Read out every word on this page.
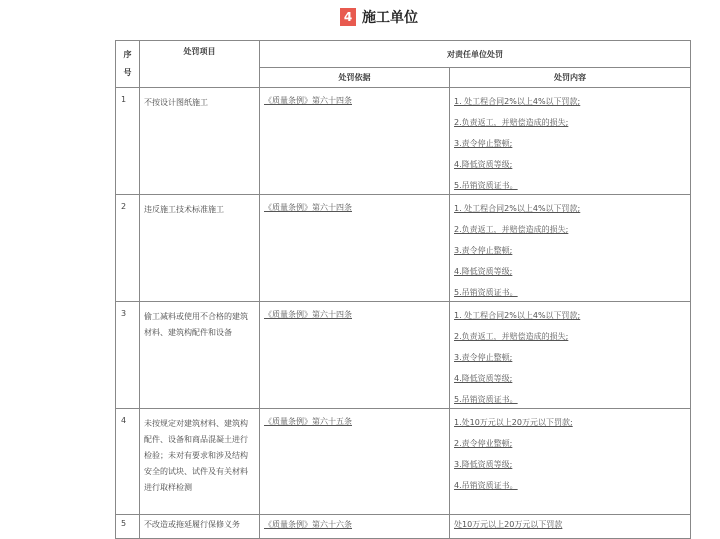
4 施工单位
序号	处罚项目	对责任单位处罚	
		处罚依据	处罚内容
1	不按设计图纸施工	《质量条例》第六十四条	1. 处工程合同2%以上4%以下罚款;
2.负责返工，并赔偿造成的损失;
3.责令停止整顿;
4.降低资质等级;
5.吊销资质证书。

2	违反施工技术标准施工	《质量条例》第六十四条	1. 处工程合同2%以上4%以下罚款;
2.负责返工，并赔偿造成的损失;
3.责令停止整顿;
4.降低资质等级;
5.吊销资质证书。

3	偷工减料或使用不合格的建筑材料、建筑构配件和设备	《质量条例》第六十四条	1. 处工程合同2%以上4%以下罚款;
2.负责返工，并赔偿造成的损失;
3.责令停止整顿;
4.降低资质等级;
5.吊销资质证书。

4	未按规定对建筑材料、建筑构配件、设备和商品混凝土进行检验；未对有要求和涉及结构安全的试块、试件及有关材料进行取样检测	《质量条例》第六十五条	1.处10万元以上20万元以下罚款;
2.责令停业整顿;
3.降低资质等级;
4.吊销资质证书。

5	不改造或拖延履行保修义务	《质量条例》第六十六条	处10万元以上20万元以下罚款
